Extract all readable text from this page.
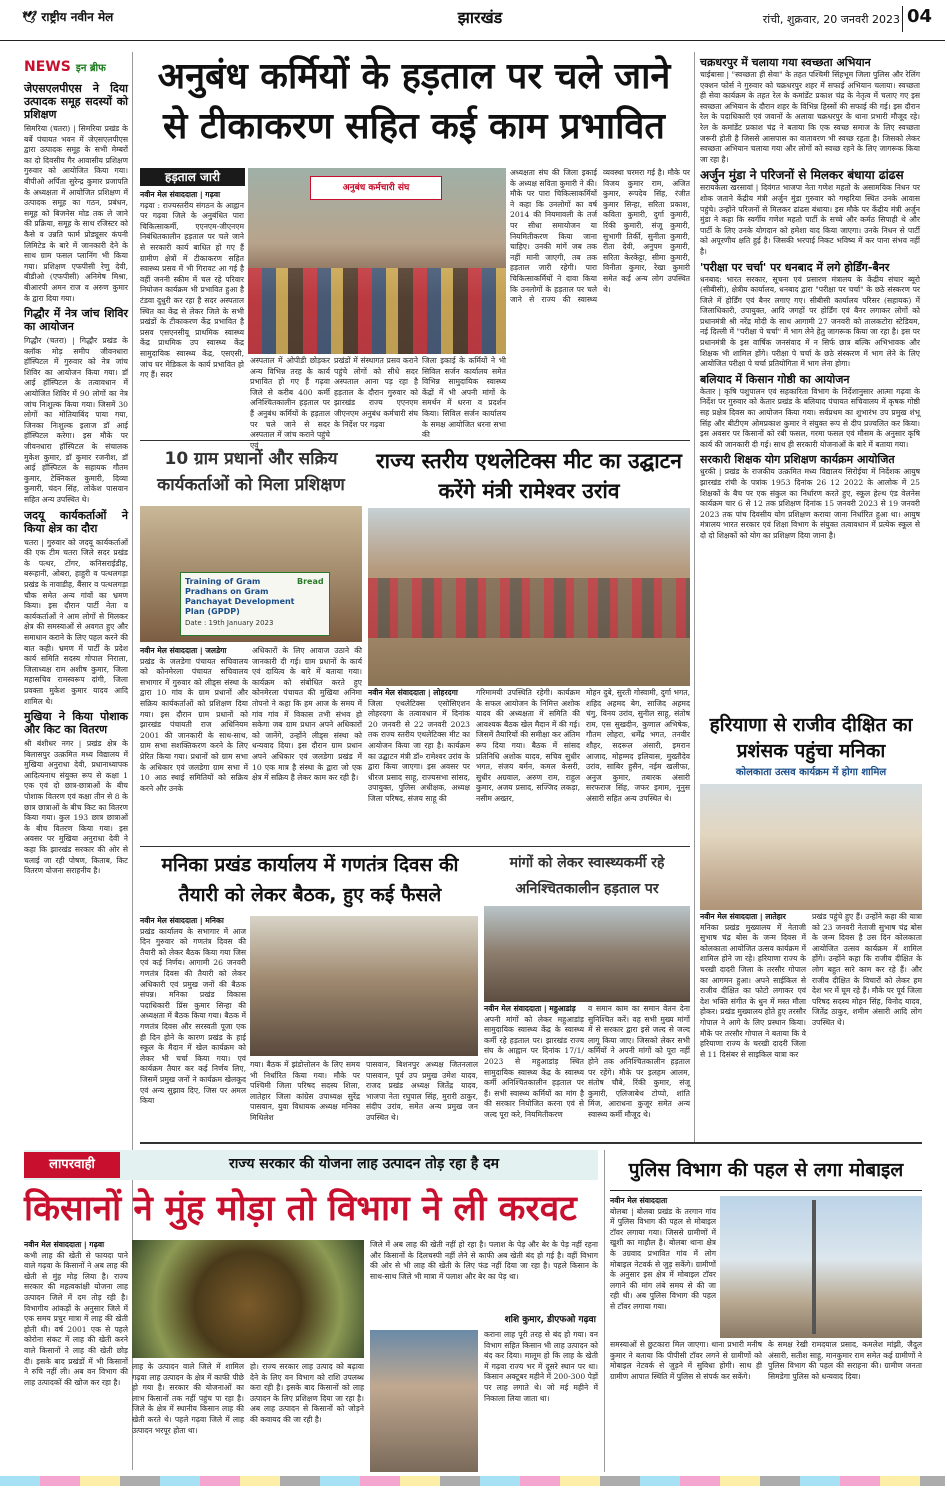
🕊 राष्ट्रीय नवीन मेल	झारखंड	रांची, शुक्रवार, 20 जनवरी 2023 04
NEWS इन ब्रीफ
जेएसएलपीएस ने दिया उत्पादक समूह सदस्यों को प्रशिक्षण

सिमरिया (चतरा) | सिमरिया प्रखंड के बर्बे पंचायत भवन में जेएसएलपीएस द्वारा उत्पादक समूह के सभी मेम्बरों का दो दिवसीय गैर आवासीय प्रशिक्षण गुरुवार को आयोजित किया गया। बीपीओ अर्पिता सुरेन्द्र कुमार प्रजापति के अध्यक्षता में आयोजित प्रशिक्षण में उत्पादक समूह का गठन, प्रबंधन, समूह को बिजनेस मोड तक ले जाने की प्रक्रिया, समूह के साथ रजिस्टर को कैसे व उन्नति फार्म प्रोड्यूसर कंपनी लिमिटेड के बारे में जानकारी देने के साथ ग्राम फसल प्लानिंग भी किया गया। प्रशिक्षण एफपीसी रेणु देवी, बीडीओ (एफपीसी) अनिमेष मिश्रा, बीआरपी अमन राज व अरुण कुमार के द्वारा दिया गया।

गिद्धौर में नेत्र जांच शिविर का आयोजन

गिद्धौर (चतरा) | गिद्धौर प्रखंड के क्लॉक मोड़ समीप जीवनधारा हॉस्पिटल में गुरुवार को नेत्र जांच शिविर का आयोजन किया गया। डॉ आई हॉस्पिटल के तत्वावधान में आयोजित शिविर में 90 लोगों का नेत्र जांच निःशुल्क किया गया। जिसमें 30 लोगों का मोतियाबिंद पाया गया, जिनका निःशुल्क इलाज डॉ आई हॉस्पिटल करेगा। इस मौके पर जीवनधारा हॉस्पिटल के संचालक मुकेश कुमार, डॉ कुमार रजनीश, डॉ आई हॉस्पिटल के सहायक गौतम कुमार, टेक्निकल कुमारी, दिव्या कुमारी, चंदन सिंह, लोकेश पासवान सहित अन्य उपस्थित थे।

जदयू कार्यकर्ताओं ने किया क्षेत्र का दौरा

चतरा | गुरुवार को जदयू कार्यकर्ताओं की एक टीम चतरा जिले सदर प्रखंड के पत्थर, टोंगर, कनिसराईडीह, बरूहानी, ओबरा, हाहुरी व पत्थलगड़ा प्रखंड के नावाडीह, बैंसार व पत्थलगड़ा चौक समेत अन्य गांवों का भ्रमण किया। इस दौरान पार्टी नेता व कार्यकर्ताओं ने आम लोगों से मिलकर क्षेत्र की समस्याओं से अवगत हुए और समाधान कराने के लिए पहल करने की बात कही। भ्रमण में पार्टी के प्रदेश कार्य समिति सदस्य गोपाल निराला, जिलाध्यक्ष राम अशीष कुमार, जिला महासचिव रामस्वरूप दांगी, जिला प्रवक्ता मुकेश कुमार यादव आदि शामिल थे।

मुखिया ने किया पोशाक और किट का वितरण

श्री बंशीधर नगर | प्रखंड क्षेत्र के बिलासपुर उत्क्रमित मध्य विद्यालय में मुखिया अनुराधा देवी, प्रधानाध्यापक आदित्यनाथ संयुक्त रूप से कक्षा 1 एक एवं दो छात्र-छात्राओं के बीच पोशाक वितरण एवं कक्षा तीन से 8 के छात्र छात्राओं के बीच किट का वितरण किया गया। कुल 193 छात्र छात्राओं के बीच वितरण किया गया। इस अवसर पर मुखिया अनुराधा देवी ने कहा कि झारखंड सरकार की ओर से चलाई जा रही पोषण, किताब, किट वितरण योजना सराहनीय है।

अनुबंध कर्मियों के हड़ताल पर चले जाने से टीकाकरण सहित कई काम प्रभावित
हड़ताल जारी
अनुबंध कर्मचारी संघ
नवीन मेल संवाददाता | गढ़वा

गढ़वा : राज्यस्तरीय संगठन के आह्वान पर गढ़वा जिले के अनुबंधित पारा चिकित्साकर्मी, एएनएम-जीएनएम निबंधितकालीन हड़ताल पर चले जाने से सरकारी कार्य बाधित हो गए हैं ग्रामीण क्षेत्रों में टीकाकरण सहित स्वास्थ्य प्रसव में भी गिरावट आ गई है वहीं जननी स्कीम में चल रहे परिवार नियोजन कार्यक्रम भी प्रभावित हुआ है टंडवा दुधुरी कर रहा है सदर अस्पताल स्थित का केंद्र से लेकर जिले के सभी प्रखंडों के टीकाकरण केंद्र प्रभावित है प्रसव एसएनसीयू प्राथमिक स्वास्थ्य केंद्र प्राथमिक उप स्वास्थ्य केंद्र सामुदायिक स्वास्थ्य केंद्र, एसएसी, जांच घर मेडिकल के कार्य प्रभावित हो गए हैं। सदर

अस्पताल में ओपीडी छोड़कर अन्य विभिन्न तरह के कार्य प्रभावित हो गए हैं गढ़वा जिले से करीब 400 कर्मी अनिश्चितकालीन हड़ताल पर हैं अनुबंध कर्मियों के हड़ताल पर चले जाने से सदर अस्पताल में जांच कराने पहुंचे एवं

प्रखंडों में संस्थागत प्रसव कराने पहुंचे लोगों को सीधे सदर अस्पताल आना पड़ रहा है हड़ताल के दौरान गुरुवार को झारखंड राज्य एएनएम जीएनएम अनुबंध कर्मचारी संघ के निर्देश पर गढ़वा

जिला इकाई के कर्मियों ने भी सिविल सर्जन कार्यालय समेत विभिन्न सामुदायिक स्वास्थ्य केंद्रों में भी अपनी मांगों के समर्थन में धरना व प्रदर्शन किया। सिविल सर्जन कार्यालय के समक्ष आयोजित धरना सभा की

अध्यक्षता संघ की जिला इकाई के अध्यक्ष सविता कुमारी ने की। मौके पर पारा चिकित्साकर्मियों ने कहा कि उनलोगों का वर्ष 2014 की नियमावली के तर्ज पर सीधा समायोजन या नियमितीकरण किया जाना चाहिए। उनकी मांगें जब तक नहीं मानी जाएगी, तब तक हड़ताल जारी रहेगी। पारा चिकित्साकर्मियों ने दावा किया कि उनलोगों के हड़ताल पर चले जाने से राज्य की स्वास्थ्य व्यवस्था चरमरा गई है। मौके पर विजय कुमार राम, अजित कुमार, रूपदेव सिंह, रंजीत कुमार सिन्हा, सरिता प्रकाश, कविता कुमारी, दुर्गा कुमारी, रिंकी कुमारी, संजू कुमारी, सुभागी तिर्की, सुनीता कुमारी, रीता देवी, अनुपम कुमारी, सरिता केरकेट्टा, सीमा कुमारी, विनीता कुमार, रेखा कुमारी समेत कई अन्य लोग उपस्थित थे।

10 ग्राम प्रधानों और सक्रिय कार्यकर्ताओं को मिला प्रशिक्षण
Training of Gram Pradhans on Gram Panchayat Development Plan (GPDP)
Bread
Date : 19th January 2023
नवीन मेल संवाददाता | जलडेगा

प्रखंड के जलडेगा पंचायत सचिवालय को कोनमेरला पंचायत सचिवालय सभागार में गुरुवार को लीड्स संस्था के द्वारा 10 गांव के ग्राम प्रधानों और सक्रिय कार्यकर्ताओं को प्रशिक्षण दिया गया। इस दौरान ग्राम प्रधानों को झारखंड पंचायती राज अधिनियम 2001 की जानकारी के साथ-साथ, ग्राम सभा सशक्तिकरण करने के लिए प्रेरित किया गया। प्रधानों को ग्राम सभा के अधिकार एवं जलडेगा ग्राम सभा में 10 आठ स्थाई समितियों को सक्रिय करने और उनके

अधिकारों के लिए आवाज उठाने की जानकारी दी गई। ग्राम प्रधानों के कार्य एवं दायित्व के बारे में बताया गया। कार्यक्रम को संबोधित करते हुए कोनमेरला पंचायत की मुखिया अनिमा तोपनो ने कहा कि हम आज के समय में गांव गांव में विकास तभी संभव हो सकेगा जब ग्राम प्रधान अपने अधिकारों को जानेंगे, उन्होंने लीड्स संस्था को धन्यवाद दिया। इस दौरान ग्राम प्रधान अपने अधिकार एवं जलडेगा प्रखंड में 10 एक मात्र है संस्था के द्वारा जो एक क्षेत्र में सक्रिय है लेकर काम कर रही है।

राज्य स्तरीय एथलेटिक्स मीट का उद्घाटन करेंगे मंत्री रामेश्वर उरांव
नवीन मेल संवाददाता | लोहरदगा

जिला एथलेटिक्स एसोसिएशन लोहरदगा के तत्वावधान में दिनांक 20 जनवरी से 22 जनवरी 2023 तक राज्य स्तरीय एथलेटिक्स मीट का आयोजन किया जा रहा है। कार्यक्रम का उद्घाटन मंत्री डॉ० रामेश्वर उरांव के द्वारा किया जाएगा। इस अवसर पर धीरज प्रसाद साहू, राज्यसभा सांसद, उपायुक्त, पुलिस अधीक्षक, अध्यक्ष जिला परिषद, संजय साहू की

गरिमामयी उपस्थिति रहेगी। कार्यक्रम के सफल आयोजन के निमित्त अशोक यादव की अध्यक्षता में समिति की आवश्यक बैठक खेल मैदान में की गई। जिसमें तैयारियों की समीक्षा कर अंतिम रूप दिया गया। बैठक में सांसद प्रतिनिधि अशोक यादव, सचिव सुधीर भगत, संजय बर्मन, कमल केसरी, सुधीर अग्रवाल, अरुण राम, राहुल कुमार, अजय प्रसाद, सज्जिद लकड़ा, नसीम अख्तर,

मोहन दुबे, सुरती गोस्वामी, दुर्गा भगत, शहिद अहमद बेग, साजिद अहमद चंगु, विनय उरांव, सुनील साहू, संतोष राम, एस सुखदीन, कुणाल अभिषेक, गौतम लोहरा, धर्मेंद्र भगत, तनवीर शौहर, सदरूल अंसारी, इमरान आजाद, मोहम्मद इलियास, मुख्तौदेव उरांव, साबिर हुसैन, नईम खलीफा, अनुज कुमार, तबारक अंसारी सरफराज सिंह, जफर इमाम, नूनुस अंसारी सहित अन्य उपस्थित थे।

मनिका प्रखंड कार्यालय में गणतंत्र दिवस की तैयारी को लेकर बैठक, हुए कई फैसले
नवीन मेल संवाददाता | मनिका

प्रखंड कार्यालय के सभागार में आज दिन गुरुवार को गणतंत्र दिवस की तैयारी को लेकर बैठक किया गया जिस एवं कई निर्णय। आगामी 26 जनवरी गणतंत्र दिवस की तैयारी को लेकर अधिकारी एवं प्रमुख जनों की बैठक संपन्न। मनिका प्रखंड विकास पदाधिकारी प्रिंस कुमार सिन्हा की अध्यक्षता में बैठक किया गया। बैठक में गणतंत्र दिवस और सरस्वती पूजा एक ही दिन होने के कारण प्रखंड के हाई स्कूल के मैदान में खेल कार्यक्रम को लेकर भी चर्चा किया गया। एवं कार्यक्रम तैयार कर कई निर्णय लिए, जिसमें प्रमुख जनों ने कार्यक्रम खेलकूद एवं अन्य सुझाव दिए, जिस पर अमल किया

गया। बैठक में झंडोत्तोलन के लिए समय भी निर्धारित किया गया। मौके पर पश्चिमी जिला परिषद सदस्य शिला, लातेहार जिला कांग्रेस उपाध्यक्ष सुरेंद्र पासवान, युवा विधायक अध्यक्ष मनिका मिथिलेश

पासवान, बिशनपुर अध्यक्ष जितनलाल पासवान, पूर्व उप प्रमुख उमेश यादव, राजद प्रखंड अध्यक्ष जितेंद्र यादव, भाजपा नेता रघुपाल सिंह, मुरारी ठाकुर, संदीप उरांव, समेत अन्य प्रमुख जन उपस्थित थे।

मांगों को लेकर स्वास्थ्यकर्मी रहे अनिश्चितकालीन हड़ताल पर
नवीन मेल संवाददाता | महुआडांड़

अपनी मांगों को लेकर महुआडांड़ सामुदायिक स्वास्थ्य केंद्र के स्वास्थ्य कर्मी रहे हड़ताल पर। झारखंड राज्य संघ के आह्वान पर दिनांक 17/1/ 2023 से महुआडांड़ स्थित सामुदायिक स्वास्थ्य केंद्र के स्वास्थ्य कर्मी अनिश्चितकालीन हड़ताल पर हैं। सभी स्वास्थ्य कर्मियों का मांग है की सरकार नियोजित करना एवं से जल्द पूरा करे, नियमितीकरण

व समान काम का समान वेतन देना सुनिश्चित करें। वह सभी मुख्य मांगों में से सरकार द्वारा इसे जल्द से जल्द लागू किया जाए। जिसको लेकर सभी कर्मियों ने अपनी मांगों को पूरा नहीं होने तक अनिश्चितकालीन हड़ताल पर रहेंगे। मौके पर इलहम आलम, संतोष चौबे, रिंकी कुमार, संजू कुमारी, एलिजाबेथ टोप्पो, शांति मिंज, आराधना कुजूर समेत अन्य स्वास्थ्य कर्मी मौजूद थे।

चक्रधरपुर में चलाया गया स्वच्छता अभियान

चाईबासा | "स्वच्छता ही सेवा" के तहत पश्चिमी सिंहभूम जिला पुलिस और रेलिंग एक्शन फोर्स ने गुरुवार को चक्रधरपुर शहर में सफाई अभियान चलाया। स्वच्छता ही सेवा कार्यक्रम के तहत रेल के कमांडेंट प्रकाश चंद्र के नेतृत्व में चलाए गए इस स्वच्छता अभियान के दौरान शहर के विभिन्न हिस्सों की सफाई की गई। इस दौरान रेल के पदाधिकारी एवं जवानों के अलावा चक्रधरपुर के थाना प्रभारी मौजूद रहे। रेल के कमांडेंट प्रकाश चंद्र ने बताया कि एक स्वच्छ समाज के लिए स्वच्छता जरूरी होती है जिससे आसपास का वातावरण भी स्वच्छ रहता है। जिसको लेकर स्वच्छता अभियान चलाया गया और लोगों को स्वच्छ रहने के लिए जागरूक किया जा रहा है।

अर्जुन मुंडा ने परिजनों से मिलकर बंधाया ढांढस

सरायकेला खरसावां | दिवंगत भाजपा नेता गणेश महतो के असामयिक निधन पर शोक जताने केंद्रीय मंत्री अर्जुन मुंडा गुरुवार को गम्हरिया स्थित उनके आवास पहुंचे। उन्होंने परिजनों से मिलकर ढांढस बंधाया। इस मौके पर केंद्रीय मंत्री अर्जुन मुंडा ने कहा कि स्वर्गीय गणेश महतो पार्टी के सच्चे और कर्मठ सिपाही थे और पार्टी के लिए उनके योगदान को हमेशा याद किया जाएगा। उनके निधन से पार्टी को अपूरणीय क्षति हुई है। जिसकी भरपाई निकट भविष्य में कर पाना संभव नहीं है।

'परीक्षा पर चर्चा' पर धनबाद में लगे होर्डिंग-बैनर

धनबाद: भारत सरकार, सूचना एवं प्रसारण मंत्रालय के केंद्रीय संचार ब्यूरो (सीबीसी), क्षेत्रीय कार्यालय, धनबाद द्वारा "परीक्षा पर चर्चा" के छठे संस्करण पर जिले में होर्डिंग एवं बैनर लगाए गए। सीबीसी कार्यालय परिसर (सहायक) में जिलाधिकारी, उपायुक्त, आदि जगहों पर होर्डिंग एवं बैनर लगाकर लोगों को प्रधानमंत्री श्री नरेंद्र मोदी के साथ आगामी 27 जनवरी को तालकटोरा स्टेडियम, नई दिल्ली में "परीक्षा पे चर्चा" में भाग लेने हेतु जागरूक किया जा रहा है। इस पर प्रधानमंत्री के इस वार्षिक जनसंवाद में न सिर्फ छात्र बल्कि अभिभावक और शिक्षक भी शामिल होंगे। परीक्षा पे चर्चा के छठे संस्करण में भाग लेने के लिए आयोजित परीक्षा पे चर्चा प्रतियोगिता में भाग लेना होगा।

बलियाद में किसान गोष्ठी का आयोजन

केतार | कृषि पशुपालन एवं सहकारिता विभाग के निर्देशानुसार आत्मा गढ़वा के निर्देश पर गुरुवार को केतार प्रखंड के बलियाद पंचायत सचिवालय में कृषक गोष्ठी सह प्रक्षेत्र दिवस का आयोजन किया गया। सर्वप्रथम का शुभारंभ उप प्रमुख शंभू सिंह और बीटीएम ओमप्रकाश कुमार ने संयुक्त रूप से दीप प्रज्वलित कर किया। इस अवसर पर किसानों को रबी फसल, गरमा फसल एवं मौसम के अनुसार कृषि कार्य की जानकारी दी गई। साथ ही सरकारी योजनाओं के बारे में बताया गया।

सरकारी शिक्षक योग प्रशिक्षण कार्यक्रम आयोजित

धुरकी | प्रखंड के राजकीय उत्क्रमित मध्य विद्यालय सिरोईया में निर्देशक आयुष झारखंड रांची के पत्रांक 1953 दिनांक 26 12 2022 के आलोक में 25 शिक्षकों के बैच पर एक संकुल का निर्धारण करते हुए, स्कूल हेल्थ एंड वेलनेस कार्यक्रम चार 6 से 12 तक प्रशिक्षण दिनांक 15 जनवरी 2023 से 19 जनवरी 2023 तक पांच दिवसीय योग प्रशिक्षण कराया जाना निर्धारित हुआ था। आयुष मंत्रालय भारत सरकार एवं शिक्षा विभाग के संयुक्त तत्वावधान में प्रत्येक स्कूल से दो दो शिक्षकों को योग का प्रशिक्षण दिया जाना है।

हरियाणा से राजीव दीक्षित का प्रशंसक पहुंचा मनिका
कोलकाता उत्सव कार्यक्रम में होगा शामिल
नवीन मेल संवाददाता | लातेहार

मनिका प्रखंड मुख्यालय में नेताजी सुभाष चंद्र बोस के जन्म दिवस में कोलकाता आयोजित उत्सव कार्यक्रम में शामिल होने जा रहे। हरियाणा राज्य के चरखी दादरी जिला के तरसौर गोपाल का आगमन हुआ। अपने साईकिल से राजीव दीक्षित का फोटो लगाकर एवं देश भक्ति संगीत के धुन में मस्त मौला होकर। प्रखंड मुख्यालय होते हुए तरसौर गोपाल ने आगे के लिए प्रस्थान किया। मौके पर तरसौर गोपाल ने बताया कि वे हरियाणा राज्य के चरखी दादरी जिला से 11 दिसंबर से साइकिल यात्रा कर

प्रखंड पहुंचे हुए हैं। उन्होंने कहा की यात्रा को 23 जनवरी नेताजी सुभाष चंद्र बोस के जन्म दिवस है उस दिन कोलकाता आयोजित उत्सव कार्यक्रम में शामिल होंगे। उन्होंने कहा कि राजीव दीक्षित के लोग बहुत सारे काम कर रहे हैं। और राजीव दीक्षित के विचारों को लेकर हम देश भर में घूम रहे हैं। मौके पर पूर्व जिला परिषद सदस्य मोहन सिंह, विनोद यादव, जितेंद्र ठाकुर, शमीम अंसारी आदि लोग उपस्थित थे।

लापरवाही	राज्य सरकार की योजना लाह उत्पादन तोड़ रहा है दम
किसानों ने मुंह मोड़ा तो विभाग ने ली करवट
नवीन मेल संवाददाता | गढ़वा

कभी लाह की खेती से फायदा पाने वाले गढ़वा के किसानों ने अब लाह की खेती से मुंह मोड़ लिया है। राज्य सरकार की महत्वकांक्षी योजना लाह उत्पादन जिले में दम तोड़ रही है। विभागीय आंकड़ों के अनुसार जिले में एक समय प्रचुर मात्रा में लाह की खेती होती थी। वर्ष 2001 एक से पहले कोरोना संकट में लाह की खेती करने वाले किसानों ने लाह की खेती छोड़ दी। इसके बाद प्रखंडों में भी किसानों ने रुचि नहीं ली। अब वन विभाग की लाह उत्पादकों की खोज कर रहा है।

लाह के उत्पादन वाले जिले में शामिल गढ़वा लाह उत्पादन के क्षेत्र में काफी पीछे हो गया है। सरकार की योजनाओं का लाभ किसानों तक नहीं पहुंच पा रहा है। जिले के क्षेत्र में स्थानीय किसान लाह की खेती करते थे। पहले गढ़वा जिले में लाह उत्पादन भरपूर होता था।

हो। राज्य सरकार लाह उत्पाद को बढ़ावा देने के लिए वन विभाग को राशि उपलब्ध करा रही है। इसके बाद किसानों को लाह उत्पादन के लिए प्रशिक्षण दिया जा रहा है। अब लाह उत्पादन से किसानों को जोड़ने की कवायद की जा रही है।

जिले में अब लाह की खेती नहीं हो रहा है। पलाश के पेड़ और बेर के पेड़ नहीं रहना और किसानों के दिलचस्पी नहीं लेने से काफी अब खेती बंद हो गई है। वहीं विभाग की ओर से भी लाह की खेती के लिए फंड नहीं दिया जा रहा है। पहले किसान के साथ-साथ जिले भी मात्रा में पलाश और बेर का पेड़ था।

शशि कुमार, डीएफओ गढ़वा

कराना लाह पूरी तरह से बंद हो गया। वन विभाग सहित किसान भी लाह उत्पादन को बंद कर दिया। मालूम हो कि लाह के खेती में गढ़वा राज्य भर में दूसरे स्थान पर था। किसान अक्टूबर महीने में 200-300 पेड़ों पर लाह लगाते थे। जो मई महीने में निकाला लिया जाता था।

पुलिस विभाग की पहल से लगा मोबाइल
नवीन मेल संवाददाता

बोलबा | बोलबा प्रखंड के तरगान गांव में पुलिस विभाग की पहल से मोबाइल टॉवर लगाया गया। जिससे ग्रामीणों में खुशी का माहौल है। बोलबा थाना क्षेत्र के उग्रवाद प्रभावित गांव में लोग मोबाइल नेटवर्क से जुड़ सकेंगे। ग्रामीणों के अनुसार इस क्षेत्र में मोबाइल टॉवर लगाने की मांग लंबे समय से की जा रही थी। अब पुलिस विभाग की पहल से टॉवर लगाया गया।

समस्याओं से छुटकारा मिल जाएगा। थाना प्रभारी मनीष कुमार ने बताया कि पीपीसी टॉवर लगने से ग्रामीणों को मोबाइल नेटवर्क से जुड़ने में सुविधा होगी। साथ ही ग्रामीण आपात स्थिति में पुलिस से संपर्क कर सकेंगे।

के समक्ष रेखी रामदयाल प्रसाद, कमलेश मांझी, जैदुल अंसारी, सतीश साहू, मानकुमार राम समेत कई ग्रामीणों ने पुलिस विभाग की पहल की सराहना की। ग्रामीण जनता सिमडेगा पुलिस को धन्यवाद दिया।
